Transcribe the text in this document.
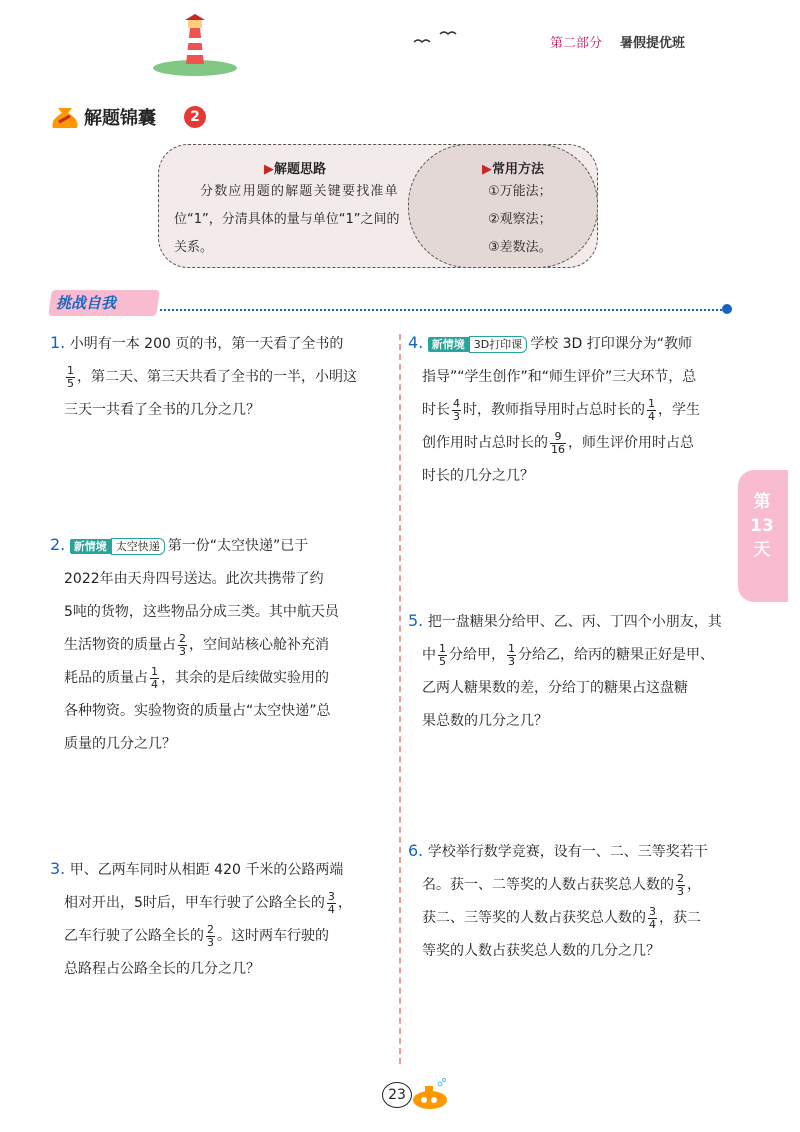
第二部分 暑假提优班
解题锦囊	2
▶解题思路
分数应用题的解题关键要找准单
位“1”，分清具体的量与单位“1”之间的
关系。
▶常用方法
①万能法；
②观察法；
③差数法。
挑战自我
1. 小明有一本 200 页的书，第一天看了全书的
$\frac{1}{5}$ ，第二天、第三天共看了全书的一半，小明这
三天一共看了全书的几分之几？
2. 新情境 太空快递 第一份“太空快递”已于
2022年由天舟四号送达。此次共携带了约
5吨的货物，这些物品分成三类。其中航天员
生活物资的质量占 $\frac{2}{3}$ ，空间站核心舱补充消
耗品的质量占 $\frac{1}{4}$ ，其余的是后续做实验用的
各种物资。实验物资的质量占“太空快递”总
质量的几分之几？
3. 甲、乙两车同时从相距 420 千米的公路两端
相对开出，5时后，甲车行驶了公路全长的 $\frac{3}{4}$ ，
乙车行驶了公路全长的 $\frac{2}{3}$ 。这时两车行驶的
总路程占公路全长的几分之几？
4. 新情境 3D打印课 学校 3D 打印课分为“教师
指导”“学生创作”和“师生评价”三大环节，总
时长 $\frac{4}{3}$ 时，教师指导用时占总时长的 $\frac{1}{4}$ ，学生
创作用时占总时长的 $\frac{9}{16}$ ，师生评价用时占总
时长的几分之几？
5. 把一盘糖果分给甲、乙、丙、丁四个小朋友，其
中 $\frac{1}{5}$ 分给甲， $\frac{1}{3}$ 分给乙，给丙的糖果正好是甲、
乙两人糖果数的差，分给丁的糖果占这盘糖
果总数的几分之几？
6. 学校举行数学竞赛，设有一、二、三等奖若干
名。获一、二等奖的人数占获奖总人数的 $\frac{2}{3}$ ，
获二、三等奖的人数占获奖总人数的 $\frac{3}{4}$ ，获二
等奖的人数占获奖总人数的几分之几？
第13天
23
